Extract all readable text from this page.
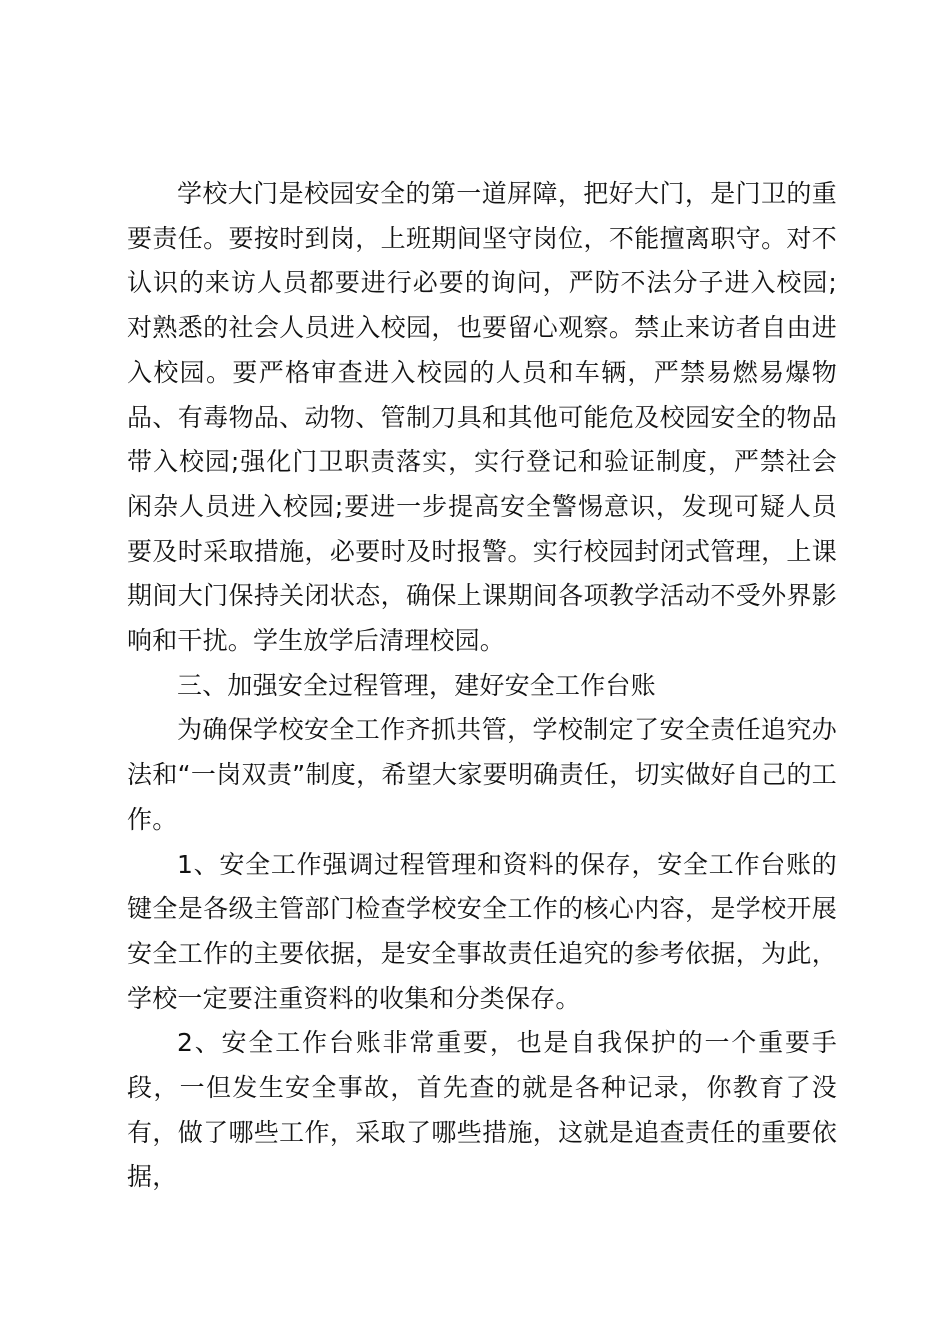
学校大门是校园安全的第一道屏障，把好大门，是门卫的重要责任。要按时到岗，上班期间坚守岗位，不能擅离职守。对不认识的来访人员都要进行必要的询问，严防不法分子进入校园;对熟悉的社会人员进入校园，也要留心观察。禁止来访者自由进入校园。要严格审查进入校园的人员和车辆，严禁易燃易爆物品、有毒物品、动物、管制刀具和其他可能危及校园安全的物品带入校园;强化门卫职责落实，实行登记和验证制度，严禁社会闲杂人员进入校园;要进一步提高安全警惕意识，发现可疑人员要及时采取措施，必要时及时报警。实行校园封闭式管理，上课期间大门保持关闭状态，确保上课期间各项教学活动不受外界影响和干扰。学生放学后清理校园。

三、加强安全过程管理，建好安全工作台账

为确保学校安全工作齐抓共管，学校制定了安全责任追究办法和“一岗双责”制度，希望大家要明确责任，切实做好自己的工作。

1、安全工作强调过程管理和资料的保存，安全工作台账的键全是各级主管部门检查学校安全工作的核心内容，是学校开展安全工作的主要依据，是安全事故责任追究的参考依据，为此，学校一定要注重资料的收集和分类保存。

2、安全工作台账非常重要，也是自我保护的一个重要手段，一但发生安全事故，首先查的就是各种记录，你教育了没有，做了哪些工作，采取了哪些措施，这就是追查责任的重要依据，
